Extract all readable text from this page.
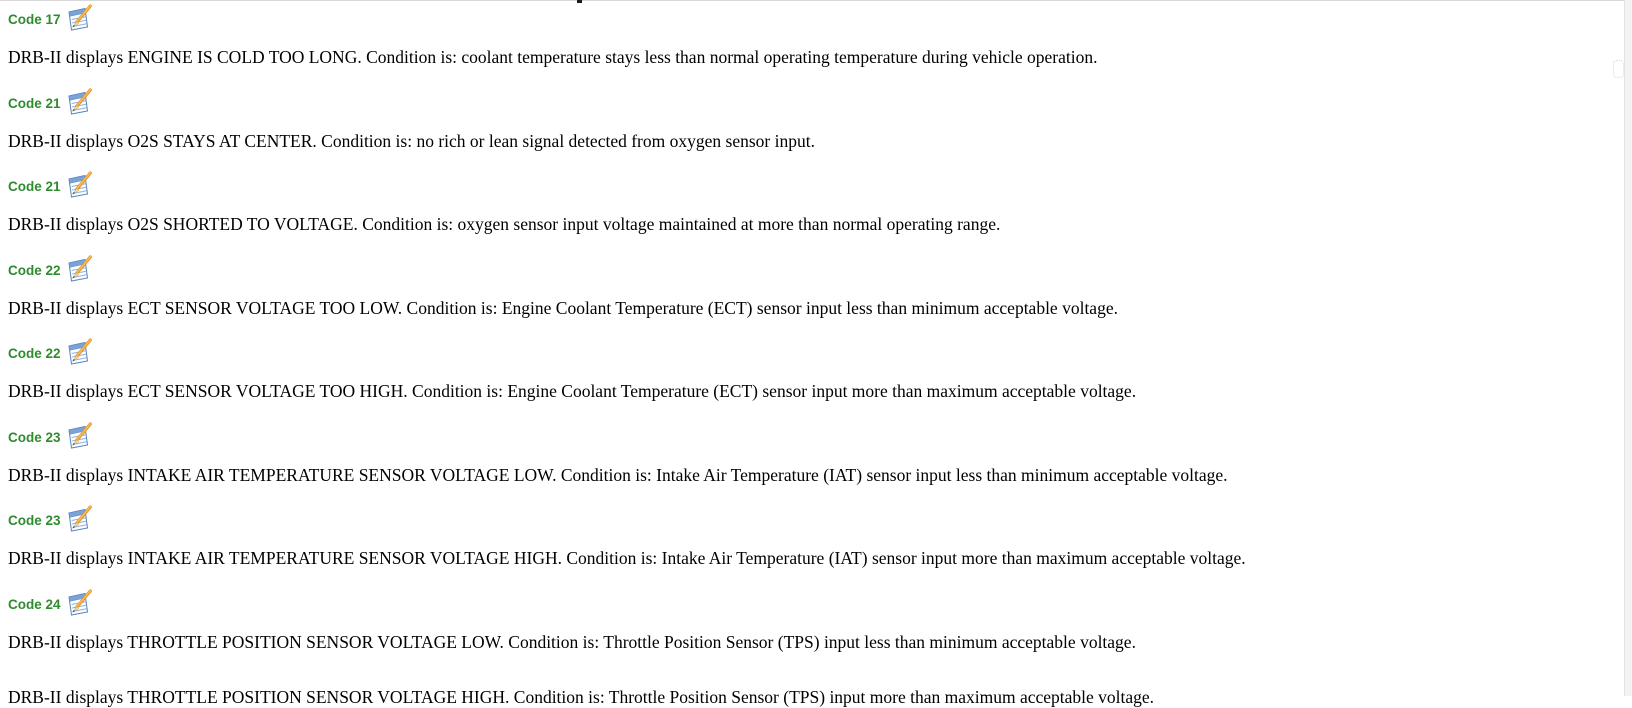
Code 17
DRB-II displays ENGINE IS COLD TOO LONG. Condition is: coolant temperature stays less than normal operating temperature during vehicle operation.
Code 21
DRB-II displays O2S STAYS AT CENTER. Condition is: no rich or lean signal detected from oxygen sensor input.
Code 21
DRB-II displays O2S SHORTED TO VOLTAGE. Condition is: oxygen sensor input voltage maintained at more than normal operating range.
Code 22
DRB-II displays ECT SENSOR VOLTAGE TOO LOW. Condition is: Engine Coolant Temperature (ECT) sensor input less than minimum acceptable voltage.
Code 22
DRB-II displays ECT SENSOR VOLTAGE TOO HIGH. Condition is: Engine Coolant Temperature (ECT) sensor input more than maximum acceptable voltage.
Code 23
DRB-II displays INTAKE AIR TEMPERATURE SENSOR VOLTAGE LOW. Condition is: Intake Air Temperature (IAT) sensor input less than minimum acceptable voltage.
Code 23
DRB-II displays INTAKE AIR TEMPERATURE SENSOR VOLTAGE HIGH. Condition is: Intake Air Temperature (IAT) sensor input more than maximum acceptable voltage.
Code 24
DRB-II displays THROTTLE POSITION SENSOR VOLTAGE LOW. Condition is: Throttle Position Sensor (TPS) input less than minimum acceptable voltage.
DRB-II displays THROTTLE POSITION SENSOR VOLTAGE HIGH. Condition is: Throttle Position Sensor (TPS) input more than maximum acceptable voltage.
